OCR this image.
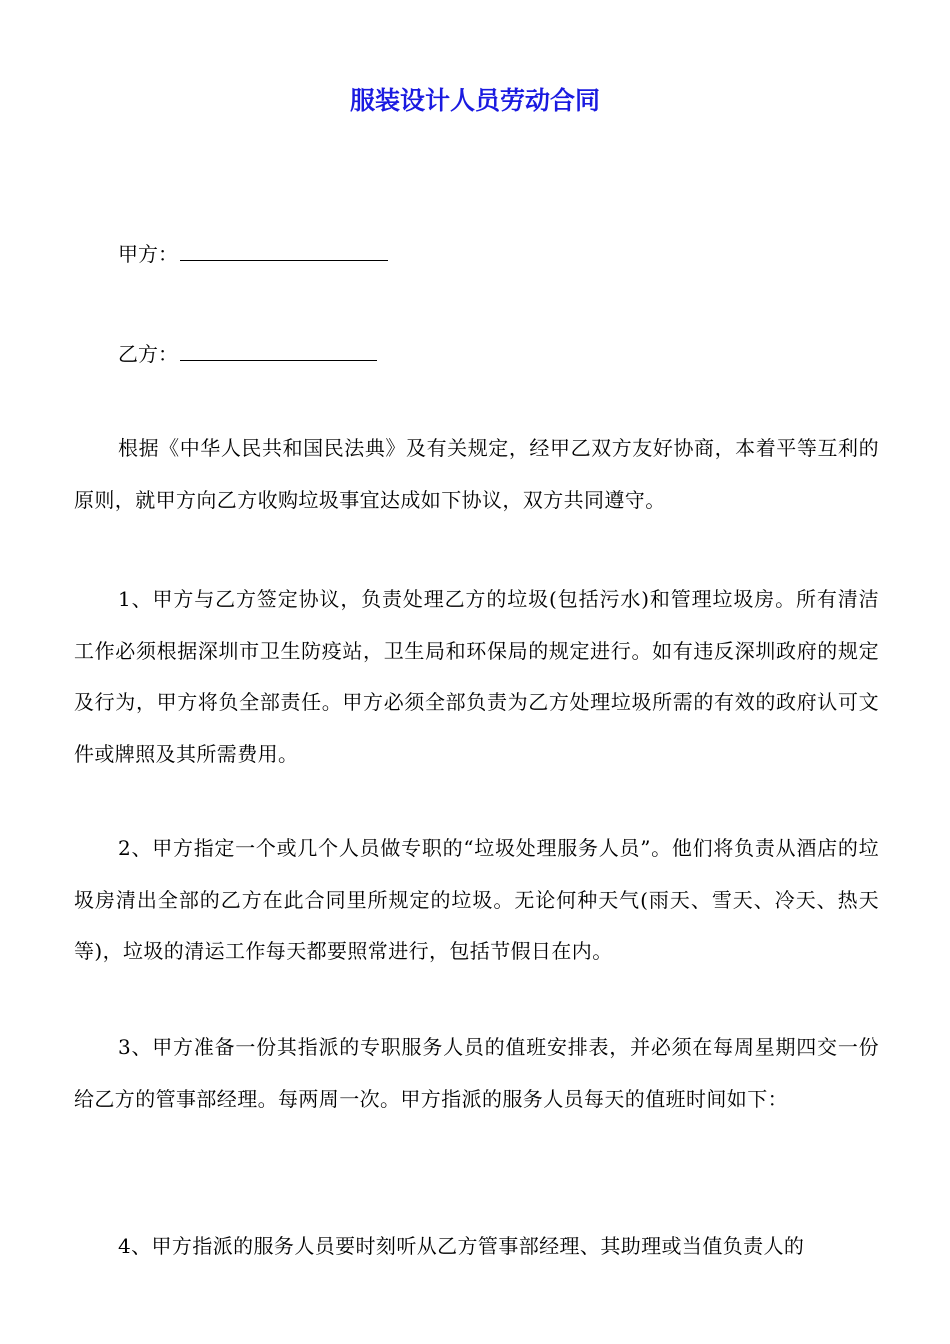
服装设计人员劳动合同
甲方：
乙方：
根据《中华人民共和国民法典》及有关规定，经甲乙双方友好协商，本着平等互利的原则，就甲方向乙方收购垃圾事宜达成如下协议，双方共同遵守。
1、甲方与乙方签定协议，负责处理乙方的垃圾(包括污水)和管理垃圾房。所有清洁工作必须根据深圳市卫生防疫站，卫生局和环保局的规定进行。如有违反深圳政府的规定及行为，甲方将负全部责任。甲方必须全部负责为乙方处理垃圾所需的有效的政府认可文件或牌照及其所需费用。
2、甲方指定一个或几个人员做专职的“垃圾处理服务人员”。他们将负责从酒店的垃圾房清出全部的乙方在此合同里所规定的垃圾。无论何种天气(雨天、雪天、冷天、热天等)，垃圾的清运工作每天都要照常进行，包括节假日在内。
3、甲方准备一份其指派的专职服务人员的值班安排表，并必须在每周星期四交一份给乙方的管事部经理。每两周一次。甲方指派的服务人员每天的值班时间如下：
4、甲方指派的服务人员要时刻听从乙方管事部经理、其助理或当值负责人的
